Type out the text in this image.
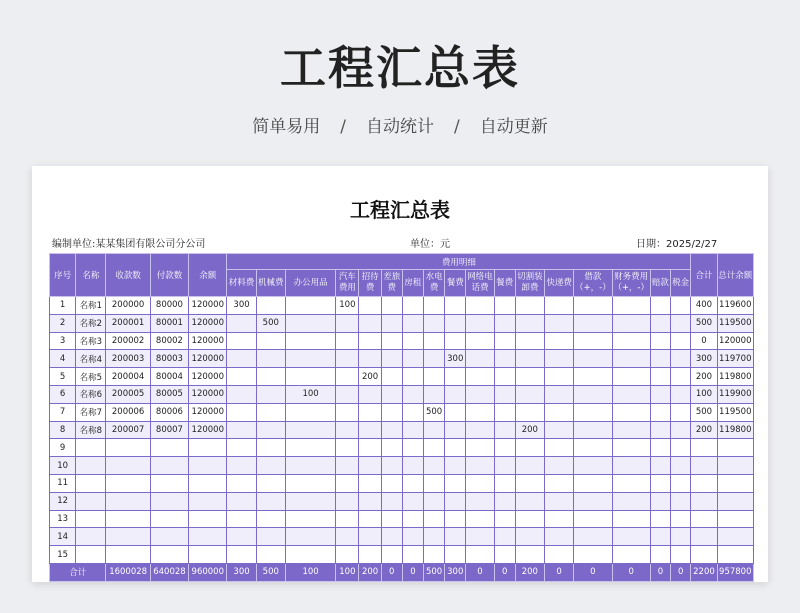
工程汇总表
简单易用 / 自动统计 / 自动更新
工程汇总表
编制单位:某某集团有限公司分公司	单位：元	日期：2025/2/27
序号	名称	收款数	付款数	余额	费用明细																	合计	总计余额
					材料费	机械费	办公用品	汽车费用	招待费	差旅费	房租	水电费	餐费	网络电话费	餐费	切割装卸费	快递费	借款（+，-）	财务费用（+，-）	赔款	税金		
1	名称1	200000	80000	120000	300			100														400	119600
2	名称2	200001	80001	120000		500																500	119500
3	名称3	200002	80002	120000																		0	120000
4	名称4	200003	80003	120000									300									300	119700
5	名称5	200004	80004	120000					200													200	119800
6	名称6	200005	80005	120000			100															100	119900
7	名称7	200006	80006	120000								500										500	119500
8	名称8	200007	80007	120000												200						200	119800
9																							
10																							
11																							
12																							
13																							
14																							
15																							
合计		1600028	640028	960000	300	500	100	100	200	0	0	500	300	0	0	200	0	0	0	0	0	2200	957800
